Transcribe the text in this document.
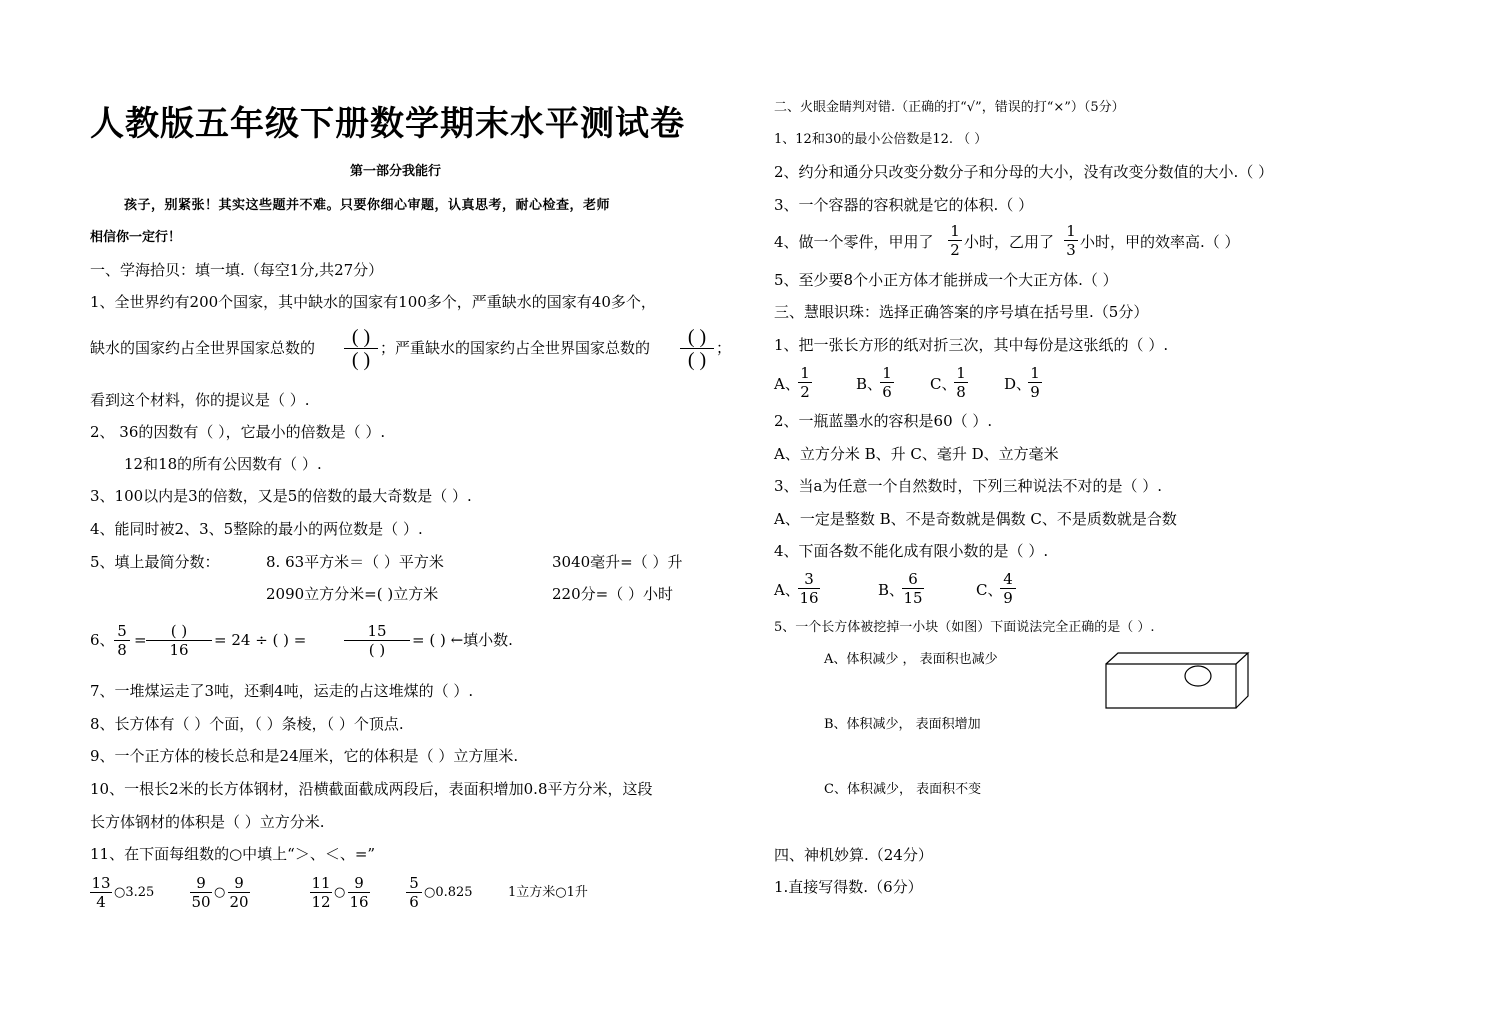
人教版五年级下册数学期末水平测试卷
第一部分我能行
孩子，别紧张！其实这些题并不难。只要你细心审题，认真思考，耐心检查，老师
相信你一定行！
一、学海拾贝：填一填.（每空1分,共27分）
1、全世界约有200个国家，其中缺水的国家有100多个，严重缺水的国家有40多个，
缺水的国家约占全世界国家总数的	( )
( )
；严重缺水的国家约占全世界国家总数的	( )
( )
；
看到这个材料，你的提议是（ ）.
2、 36的因数有（ ），它最小的倍数是（ ）.
12和18的所有公因数有（ ）.
3、100以内是3的倍数，又是5的倍数的最大奇数是（ ）.
4、能同时被2、3、5整除的最小的两位数是（ ）.
5、填上最简分数：	8. 63平方米＝（ ）平方米	3040毫升=（ ）升
2090立方分米=( )立方米	220分=（ ）小时
6、 $\frac{5}{8}$ =	( )
16
= 24 ÷ ( ) =	15
( )
= ( ) ←填小数.
7、一堆煤运走了3吨，还剩4吨，运走的占这堆煤的（ ）.
8、长方体有（ ）个面，（ ）条棱，（ ）个顶点.
9、一个正方体的棱长总和是24厘米，它的体积是（ ）立方厘米.
10、一根长2米的长方体钢材，沿横截面截成两段后，表面积增加0.8平方分米，这段
长方体钢材的体积是（ ）立方分米.
11、在下面每组数的○中填上“＞、＜、=”
$\frac{13}{4}$ ○3.25 $\frac{9}{50}$ ○ $\frac{9}{20}$	$\frac{11}{12}$ ○ $\frac{9}{16} \frac{5}{6}$ ○0.825	1立方米○1升
二、火眼金睛判对错.（正确的打“√”，错误的打“×”）（5分）
1、12和30的最小公倍数是12. （ ）
2、约分和通分只改变分数分子和分母的大小，没有改变分数值的大小.（ ）
3、一个容器的容积就是它的体积.（ ）
4、做一个零件，甲用了 $\frac{1}{2}$ 小时，乙用了 $\frac{1}{3}$ 小时，甲的效率高.（ ）
5、至少要8个小正方体才能拼成一个大正方体.（ ）
三、慧眼识珠：选择正确答案的序号填在括号里.（5分）
1、把一张长方形的纸对折三次，其中每份是这张纸的（ ）.
A、
$\frac{1}{2}$	B、
$\frac{1}{6}$ C、
$\frac{1}{8}$ D、
$\frac{1}{9}$
2、一瓶蓝墨水的容积是60（ ）.
A、立方分米 B、升 C、毫升 D、立方毫米
3、当a为任意一个自然数时，下列三种说法不对的是（ ）.
A、一定是整数 B、不是奇数就是偶数 C、不是质数就是合数
4、下面各数不能化成有限小数的是（ ）.
A、
$\frac{3}{16}$	B、
$\frac{6}{15}$	C、
$\frac{4}{9}$
5、一个长方体被挖掉一小块（如图）下面说法完全正确的是（ ）.
A、体积减少 ， 表面积也减少
B、体积减少， 表面积增加
C、体积减少， 表面积不变
四、神机妙算.（24分）
1.直接写得数.（6分）
